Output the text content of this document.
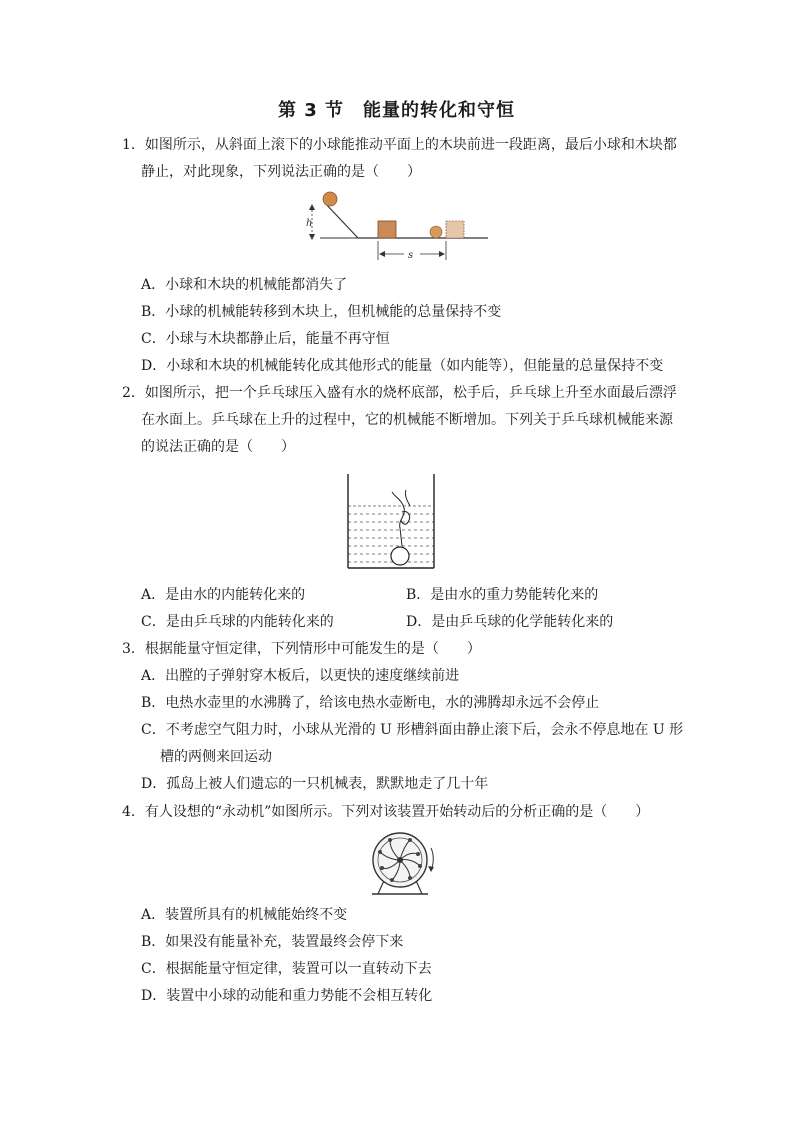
第 3 节　能量的转化和守恒
1．如图所示，从斜面上滚下的小球能推动平面上的木块前进一段距离，最后小球和木块都
静止，对此现象，下列说法正确的是（　　）
h
s
A．小球和木块的机械能都消失了
B．小球的机械能转移到木块上，但机械能的总量保持不变
C．小球与木块都静止后，能量不再守恒
D．小球和木块的机械能转化成其他形式的能量（如内能等），但能量的总量保持不变
2．如图所示，把一个乒乓球压入盛有水的烧杯底部，松手后，乒乓球上升至水面最后漂浮
在水面上。乒乓球在上升的过程中，它的机械能不断增加。下列关于乒乓球机械能来源
的说法正确的是（　　）
A．是由水的内能转化来的	B．是由水的重力势能转化来的
C．是由乒乓球的内能转化来的	D．是由乒乓球的化学能转化来的
3．根据能量守恒定律，下列情形中可能发生的是（　　）
A．出膛的子弹射穿木板后，以更快的速度继续前进
B．电热水壶里的水沸腾了，给该电热水壶断电，水的沸腾却永远不会停止
C．不考虑空气阻力时，小球从光滑的 U 形槽斜面由静止滚下后，会永不停息地在 U 形
槽的两侧来回运动
D．孤岛上被人们遗忘的一只机械表，默默地走了几十年
4．有人设想的“永动机”如图所示。下列对该装置开始转动后的分析正确的是（　　）
A．装置所具有的机械能始终不变
B．如果没有能量补充，装置最终会停下来
C．根据能量守恒定律，装置可以一直转动下去
D．装置中小球的动能和重力势能不会相互转化
